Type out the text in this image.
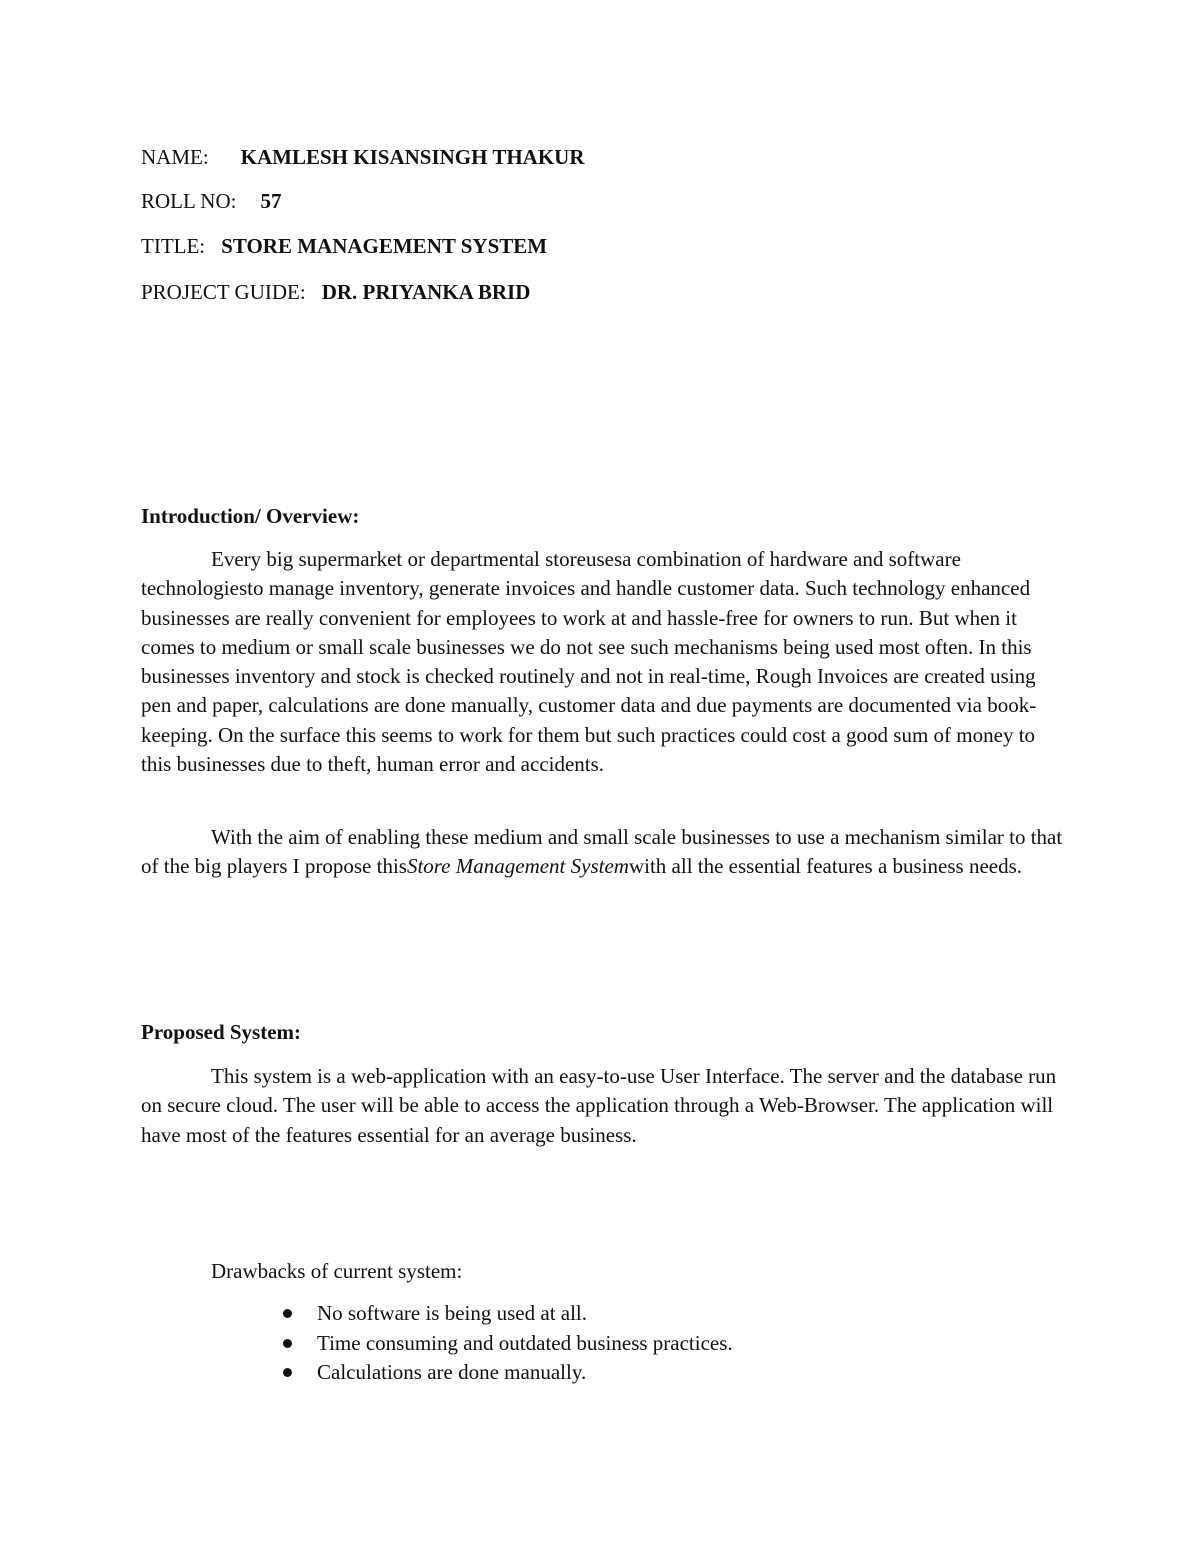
NAME: KAMLESH KISANSINGH THAKUR
ROLL NO: 57
TITLE: STORE MANAGEMENT SYSTEM
PROJECT GUIDE: DR. PRIYANKA BRID
Introduction/ Overview:

Every big supermarket or departmental storeusesa combination of hardware and software technologiesto manage inventory, generate invoices and handle customer data. Such technology enhanced businesses are really convenient for employees to work at and hassle-free for owners to run. But when it comes to medium or small scale businesses we do not see such mechanisms being used most often. In this businesses inventory and stock is checked routinely and not in real-time, Rough Invoices are created using pen and paper, calculations are done manually, customer data and due payments are documented via book-keeping. On the surface this seems to work for them but such practices could cost a good sum of money to this businesses due to theft, human error and accidents.

With the aim of enabling these medium and small scale businesses to use a mechanism similar to that of the big players I propose thisStore Management Systemwith all the essential features a business needs.

Proposed System:

This system is a web-application with an easy-to-use User Interface. The server and the database run on secure cloud. The user will be able to access the application through a Web-Browser. The application will have most of the features essential for an average business.

Drawbacks of current system:
No software is being used at all.
Time consuming and outdated business practices.
Calculations are done manually.
